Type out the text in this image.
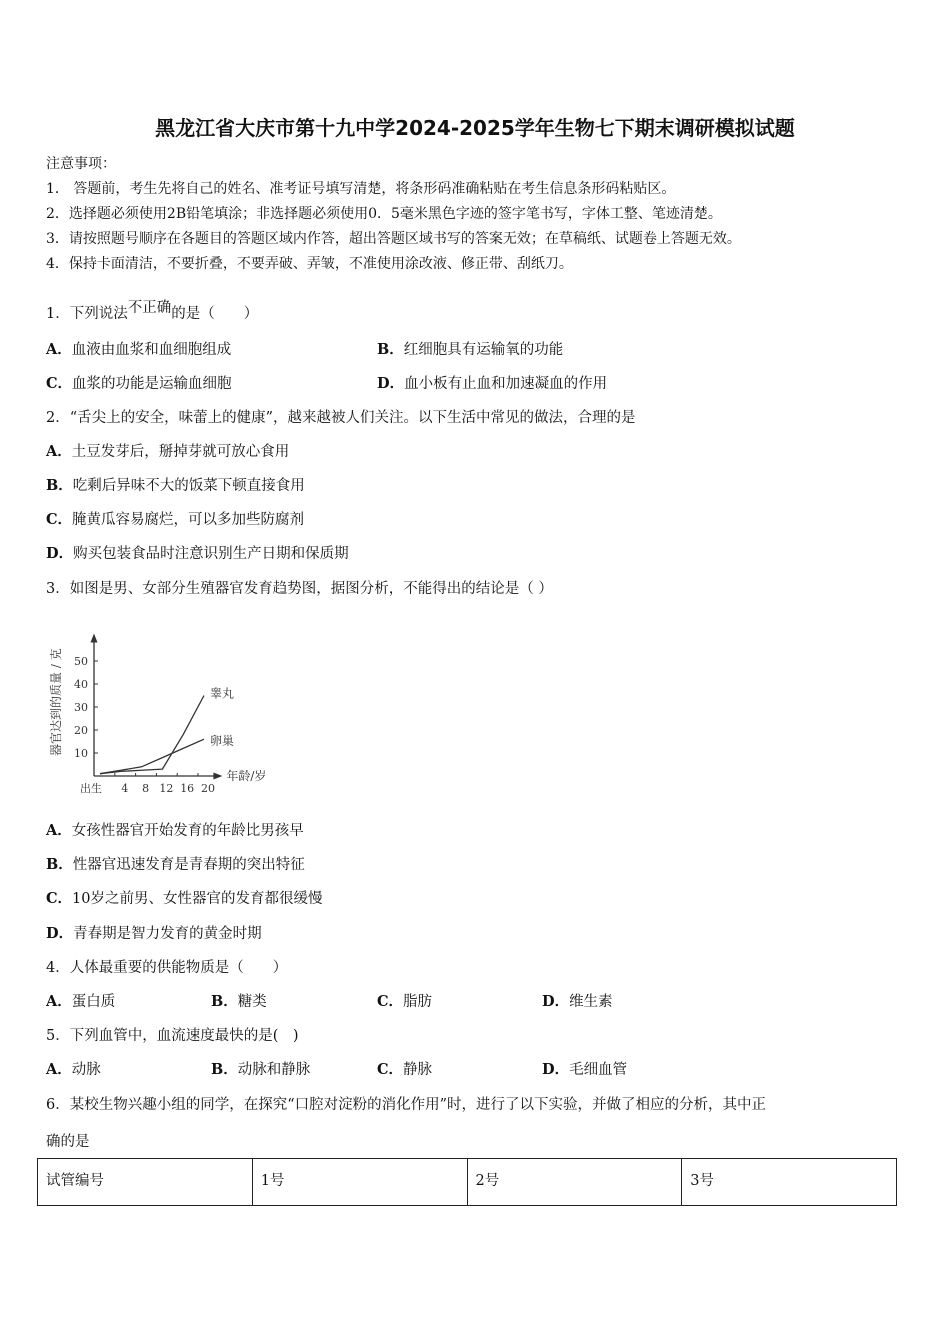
黑龙江省大庆市第十九中学2024-2025学年生物七下期末调研模拟试题
注意事项：
1． 答题前，考生先将自己的姓名、准考证号填写清楚，将条形码准确粘贴在考生信息条形码粘贴区。
2．选择题必须使用2B铅笔填涂；非选择题必须使用0．5毫米黑色字迹的签字笔书写，字体工整、笔迹清楚。
3．请按照题号顺序在各题目的答题区域内作答，超出答题区域书写的答案无效；在草稿纸、试题卷上答题无效。
4．保持卡面清洁，不要折叠，不要弄破、弄皱，不准使用涂改液、修正带、刮纸刀。
1．下列说法不正确的是（　　）
A．血液由血浆和血细胞组成	B．红细胞具有运输氧的功能
C．血浆的功能是运输血细胞	D．血小板有止血和加速凝血的作用
2．“舌尖上的安全，味蕾上的健康”，越来越被人们关注。以下生活中常见的做法，合理的是
A．土豆发芽后，掰掉芽就可放心食用
B．吃剩后异味不大的饭菜下顿直接食用
C．腌黄瓜容易腐烂，可以多加些防腐剂
D．购买包装食品时注意识别生产日期和保质期
3．如图是男、女部分生殖器官发育趋势图，据图分析，不能得出的结论是（ ）
10
20
30
40
50
出生 4 8 12 16 20
年龄/岁
器官达到的质量 / 克	睾丸
卵巢
A．女孩性器官开始发育的年龄比男孩早
B．性器官迅速发育是青春期的突出特征
C．10岁之前男、女性器官的发育都很缓慢
D．青春期是智力发育的黄金时期
4．人体最重要的供能物质是（　　）
A．蛋白质	B．糖类	C．脂肪	D．维生素
5．下列血管中，血流速度最快的是(　)
A．动脉	B．动脉和静脉	C．静脉	D．毛细血管
6．某校生物兴趣小组的同学，在探究“口腔对淀粉的消化作用”时，进行了以下实验，并做了相应的分析，其中正
确的是
试管编号	1号	2号	3号
